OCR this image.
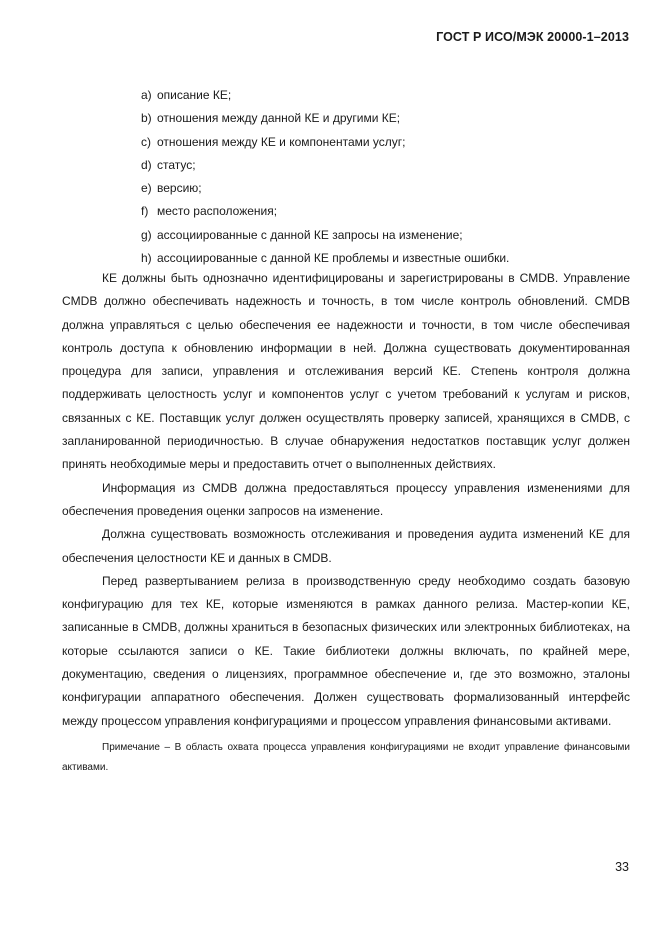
ГОСТ Р ИСО/МЭК 20000-1–2013
a) описание КЕ;
b) отношения между данной КЕ и другими КЕ;
c) отношения между КЕ и компонентами услуг;
d) статус;
e) версию;
f) место расположения;
g) ассоциированные с данной КЕ запросы на изменение;
h) ассоциированные с данной КЕ проблемы и известные ошибки.

КЕ должны быть однозначно идентифицированы и зарегистрированы в CMDB. Управление CMDB должно обеспечивать надежность и точность, в том числе контроль обновлений. CMDB должна управляться с целью обеспечения ее надежности и точности, в том числе обеспечивая контроль доступа к обновлению информации в ней. Должна существовать документированная процедура для записи, управления и отслеживания версий КЕ. Степень контроля должна поддерживать целостность услуг и компонентов услуг с учетом требований к услугам и рисков, связанных с КЕ. Поставщик услуг должен осуществлять проверку записей, хранящихся в CMDB, с запланированной периодичностью. В случае обнаружения недостатков поставщик услуг должен принять необходимые меры и предоставить отчет о выполненных действиях.

Информация из CMDB должна предоставляться процессу управления изменениями для обеспечения проведения оценки запросов на изменение.

Должна существовать возможность отслеживания и проведения аудита изменений КЕ для обеспечения целостности КЕ и данных в CMDB.

Перед развертыванием релиза в производственную среду необходимо создать базовую конфигурацию для тех КЕ, которые изменяются в рамках данного релиза. Мастер-копии КЕ, записанные в CMDB, должны храниться в безопасных физических или электронных библиотеках, на которые ссылаются записи о КЕ. Такие библиотеки должны включать, по крайней мере, документацию, сведения о лицензиях, программное обеспечение и, где это возможно, эталоны конфигурации аппаратного обеспечения. Должен существовать формализованный интерфейс между процессом управления конфигурациями и процессом управления финансовыми активами.

Примечание – В область охвата процесса управления конфигурациями не входит управление финансовыми активами.

33
